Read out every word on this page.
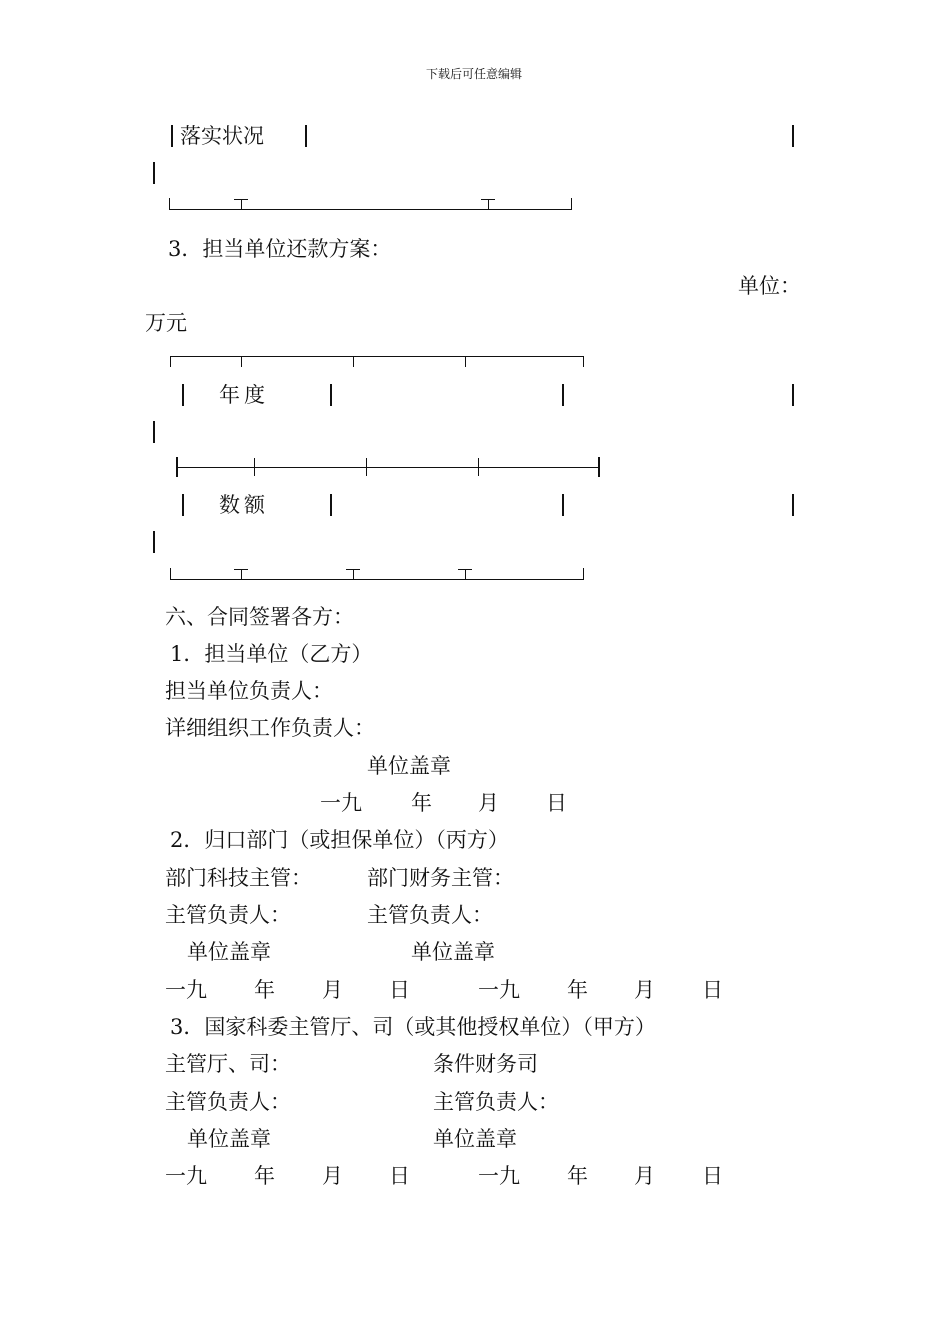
下载后可任意编辑
落实状况
3．担当单位还款方案：
单位：
万元
年度
数额
六、合同签署各方：
1．担当单位（乙方）
担当单位负责人：
详细组织工作负责人：
单位盖章
一九 年 月 日
2．归口部门（或担保单位）（丙方）
部门科技主管：	部门财务主管：
主管负责人：	主管负责人：
单位盖章	单位盖章
一九 年 月 日	一九 年 月 日
3．国家科委主管厅、司（或其他授权单位）（甲方）
主管厅、司：	条件财务司
主管负责人：	主管负责人：
单位盖章	单位盖章
一九 年 月 日	一九 年 月 日
